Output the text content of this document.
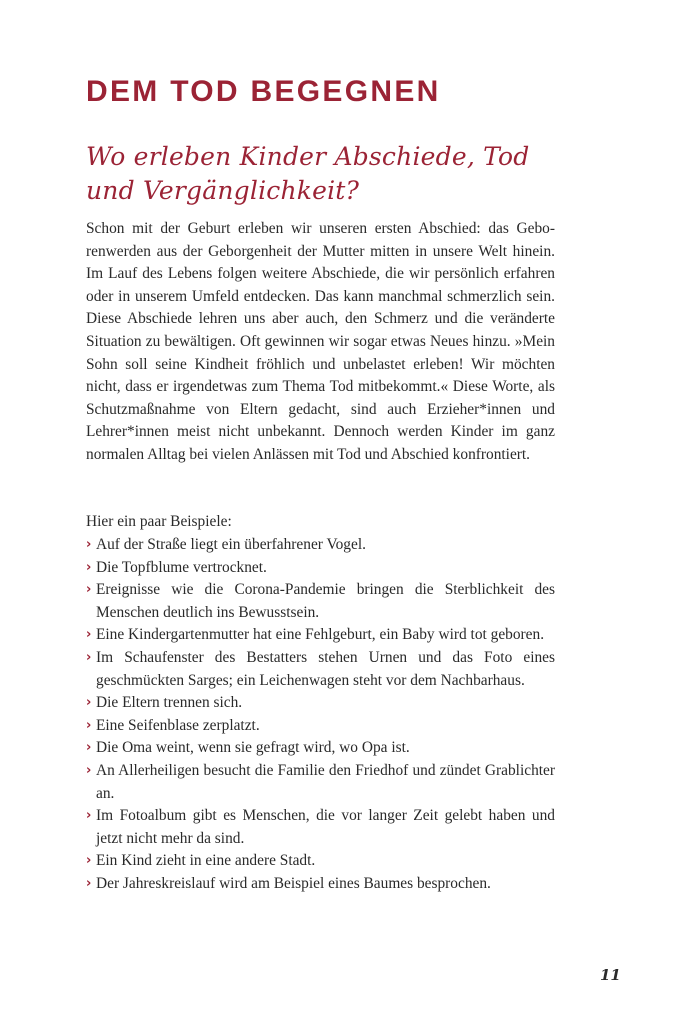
DEM TOD BEGEGNEN
Wo erleben Kinder Abschiede, Tod und Vergänglichkeit?

Schon mit der Geburt erleben wir unseren ersten Abschied: das Geborenwerden aus der Geborgenheit der Mutter mitten in unsere Welt hinein. Im Lauf des Lebens folgen weitere Abschiede, die wir persönlich erfahren oder in unserem Umfeld entdecken. Das kann manchmal schmerzlich sein. Diese Abschiede lehren uns aber auch, den Schmerz und die veränderte Situation zu bewältigen. Oft gewinnen wir sogar etwas Neues hinzu. »Mein Sohn soll seine Kindheit fröhlich und unbelastet erleben! Wir möchten nicht, dass er irgendetwas zum Thema Tod mitbekommt.« Diese Worte, als Schutzmaßnahme von Eltern gedacht, sind auch Erzieher*innen und Lehrer*innen meist nicht unbekannt. Dennoch werden Kinder im ganz normalen Alltag bei vielen Anlässen mit Tod und Abschied konfrontiert.

Hier ein paar Beispiele:

› Auf der Straße liegt ein überfahrener Vogel.
› Die Topfblume vertrocknet.
› Ereignisse wie die Corona-Pandemie bringen die Sterblichkeit des Menschen deutlich ins Bewusstsein.
› Eine Kindergartenmutter hat eine Fehlgeburt, ein Baby wird tot geboren.
› Im Schaufenster des Bestatters stehen Urnen und das Foto eines geschmückten Sarges; ein Leichenwagen steht vor dem Nachbarhaus.
› Die Eltern trennen sich.
› Eine Seifenblase zerplatzt.
› Die Oma weint, wenn sie gefragt wird, wo Opa ist.
› An Allerheiligen besucht die Familie den Friedhof und zündet Grablichter an.
› Im Fotoalbum gibt es Menschen, die vor langer Zeit gelebt haben und jetzt nicht mehr da sind.
› Ein Kind zieht in eine andere Stadt.
› Der Jahreskreislauf wird am Beispiel eines Baumes besprochen.

11
